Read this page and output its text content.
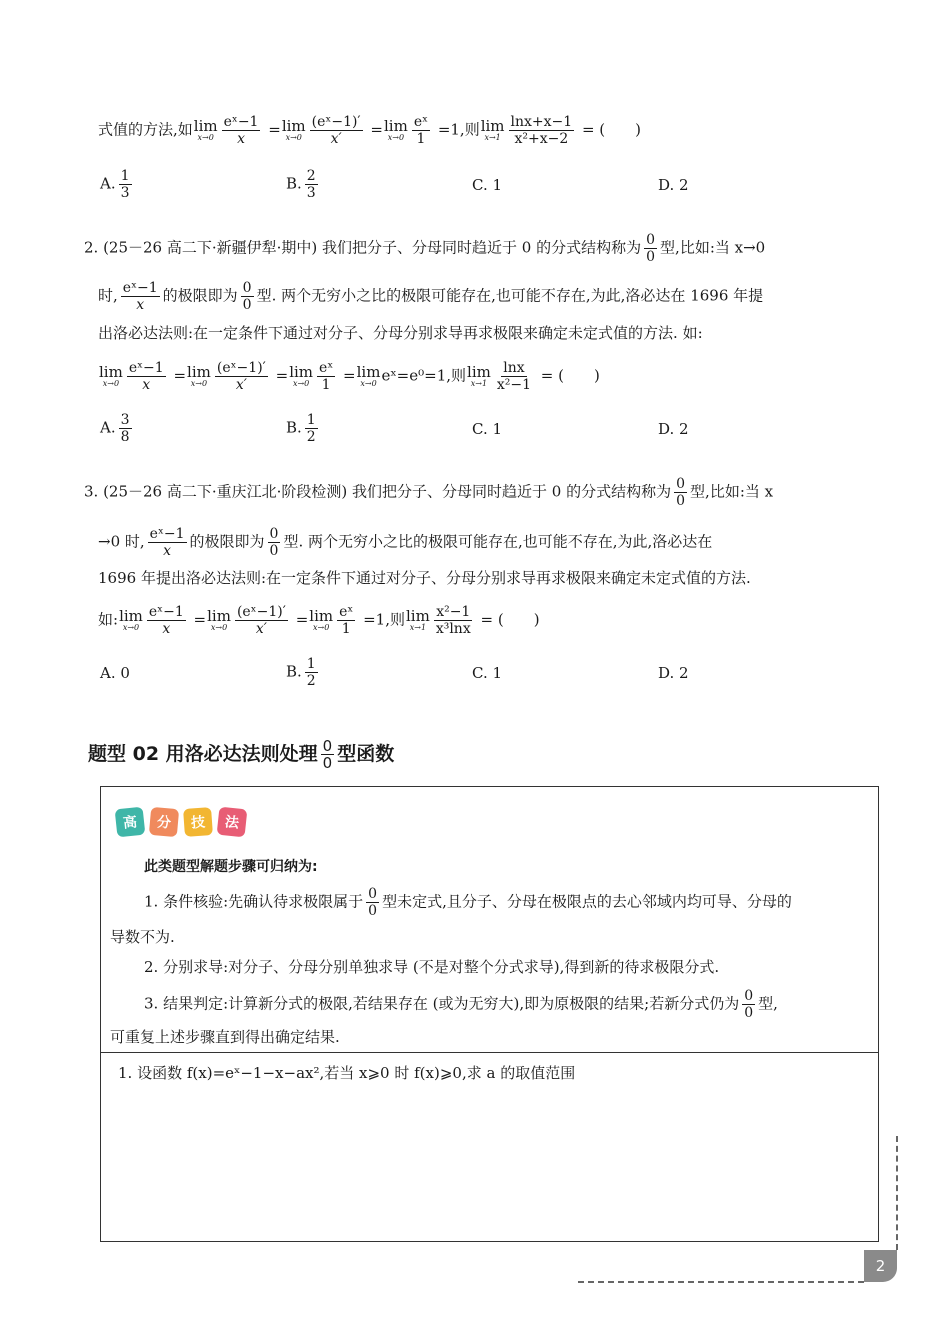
式值的方法,如 lim
$x\to 0 \frac{\text{eˣ−1}}{x} = \lim$
$x\to 0 \frac{\text{(eˣ−1)′}}{x'} = \lim$
$x\to 0 \frac{\text{eˣ}}{1} =1$,则 lim
$x\to 1 \frac{\ln x+x-1}{\text{x²+x−2}}$ = (　　)
A. $\frac{1}{3}$	B. $\frac{2}{3}$	C. 1	D. 2
2. (25－26 高二下·新疆伊犁·期中) 我们把分子、分母同时趋近于 0 的分式结构称为 $\frac{0}{0}$ 型,比如:当 x→0
时, $\frac{\text{eˣ−1}}{x}$ 的极限即为 $\frac{0}{0}$ 型. 两个无穷小之比的极限可能存在,也可能不存在,为此,洛必达在 1696 年提
出洛必达法则:在一定条件下通过对分子、分母分别求导再求极限来确定未定式值的方法. 如:
lim
$x\to 0 \frac{\text{eˣ−1}}{x} = \lim$
$x\to 0 \frac{\text{(eˣ−1)′}}{x'} = \lim$
$x\to 0 \frac{\text{eˣ}}{1} = \lim$
x→0 eˣ=e⁰=1,则 lim
$x\to 1 \frac{\ln x}{\text{x²−1}}$ = (　　)
A. $\frac{3}{8}$	B. $\frac{1}{2}$	C. 1	D. 2
3. (25－26 高二下·重庆江北·阶段检测) 我们把分子、分母同时趋近于 0 的分式结构称为 $\frac{0}{0}$ 型,比如:当 x
→0 时, $\frac{\text{eˣ−1}}{x}$ 的极限即为 $\frac{0}{0}$ 型. 两个无穷小之比的极限可能存在,也可能不存在,为此,洛必达在
1696 年提出洛必达法则:在一定条件下通过对分子、分母分别求导再求极限来确定未定式值的方法.
如: lim
$x\to 0 \frac{\text{eˣ−1}}{x} = \lim$
$x\to 0 \frac{\text{(eˣ−1)′}}{x'} = \lim$
$x\to 0 \frac{\text{eˣ}}{1} =1$,则 lim
$x\to 1 \frac{\text{x²−1}}{\text{x³lnx}}$ = (　　)
A. 0	B. $\frac{1}{2}$	C. 1	D. 2
题型 02 用洛必达法则处理 $\frac{0}{0}$ 型函数
高	分	技	法
此类题型解题步骤可归纳为:
1. 条件核验:先确认待求极限属于 $\frac{0}{0}$ 型未定式,且分子、分母在极限点的去心邻域内均可导、分母的
导数不为.
2. 分别求导:对分子、分母分别单独求导 (不是对整个分式求导),得到新的待求极限分式.
3. 结果判定:计算新分式的极限,若结果存在 (或为无穷大),即为原极限的结果;若新分式仍为 $\frac{0}{0}$ 型,
可重复上述步骤直到得出确定结果.
1. 设函数 f(x)=eˣ−1−x−ax²,若当 x⩾0 时 f(x)⩾0,求 a 的取值范围
2
